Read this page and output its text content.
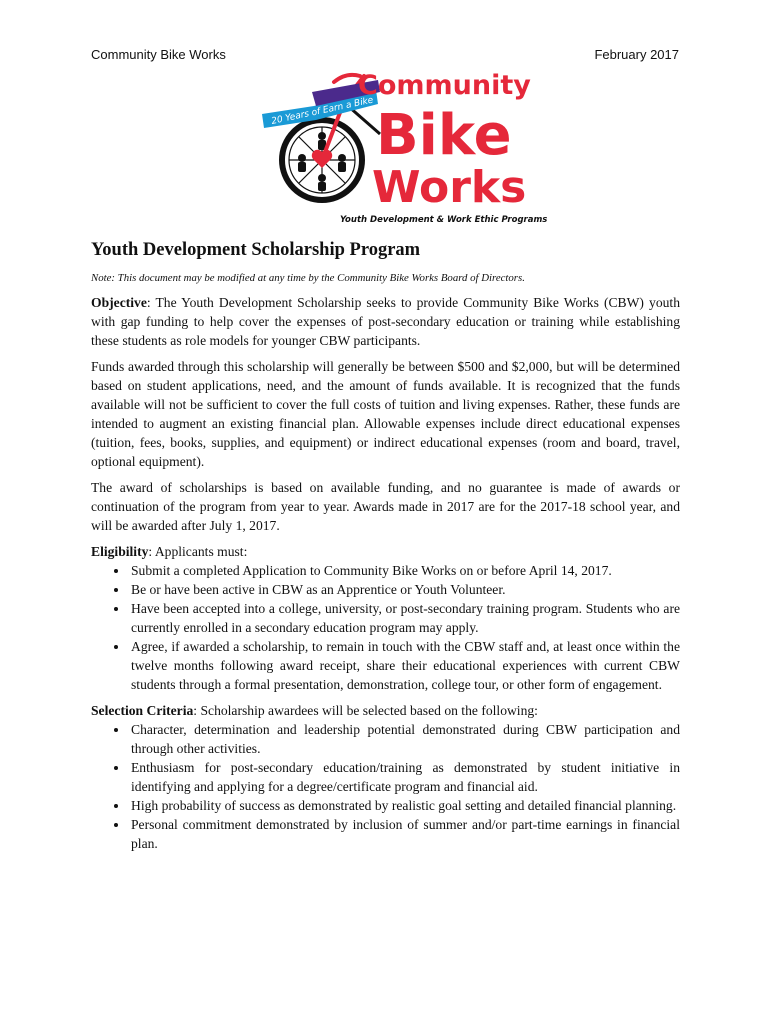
Community Bike Works	February 2017
20 Years of Earn a Bike
Community
Bike
Works
Youth Development & Work Ethic Programs
Youth Development Scholarship Program
Note: This document may be modified at any time by the Community Bike Works Board of Directors.

Objective: The Youth Development Scholarship seeks to provide Community Bike Works (CBW) youth with gap funding to help cover the expenses of post-secondary education or training while establishing these students as role models for younger CBW participants.

Funds awarded through this scholarship will generally be between $500 and $2,000, but will be determined based on student applications, need, and the amount of funds available. It is recognized that the funds available will not be sufficient to cover the full costs of tuition and living expenses. Rather, these funds are intended to augment an existing financial plan. Allowable expenses include direct educational expenses (tuition, fees, books, supplies, and equipment) or indirect educational expenses (room and board, travel, optional equipment).

The award of scholarships is based on available funding, and no guarantee is made of awards or continuation of the program from year to year. Awards made in 2017 are for the 2017-18 school year, and will be awarded after July 1, 2017.

Eligibility: Applicants must:

• Submit a completed Application to Community Bike Works on or before April 14, 2017.
• Be or have been active in CBW as an Apprentice or Youth Volunteer.
• Have been accepted into a college, university, or post-secondary training program. Students who are currently enrolled in a secondary education program may apply.
• Agree, if awarded a scholarship, to remain in touch with the CBW staff and, at least once within the twelve months following award receipt, share their educational experiences with current CBW students through a formal presentation, demonstration, college tour, or other form of engagement.

Selection Criteria: Scholarship awardees will be selected based on the following:

• Character, determination and leadership potential demonstrated during CBW participation and through other activities.
• Enthusiasm for post-secondary education/training as demonstrated by student initiative in identifying and applying for a degree/certificate program and financial aid.
• High probability of success as demonstrated by realistic goal setting and detailed financial planning.
• Personal commitment demonstrated by inclusion of summer and/or part-time earnings in financial plan.
